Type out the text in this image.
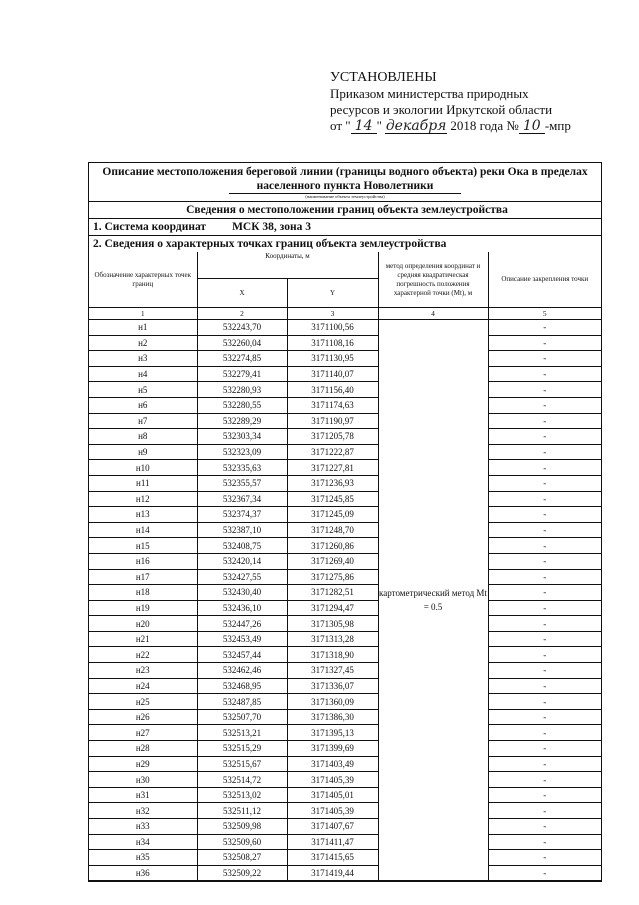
УСТАНОВЛЕНЫ
Приказом министерства природных
ресурсов и экологии Иркутской области
от " 14 " декабря 2018 года № 10 -мпр
Описание местоположения береговой линии (границы водного объекта) реки Ока в пределах населенного пункта Новолетники
(наименование объекта землеустройства)
Сведения о местоположении границ объекта землеустройства
1. Система координат МСК 38, зона 3
2. Сведения о характерных точках границ объекта землеустройства
Обозначение характерных точек границ	Координаты, м		метод определения координат и средняя квадратическая погрешность положения характерной точки (Mt), м	Описание закрепления точки
	X	Y		
1	2	3	4	5
н1	532243,70	3171100,56	картометрический метод Mt = 0.5	-
н2	532260,04	3171108,16		-
н3	532274,85	3171130,95		-
н4	532279,41	3171140,07		-
н5	532280,93	3171156,40		-
н6	532280,55	3171174,63		-
н7	532289,29	3171190,97		-
н8	532303,34	3171205,78		-
н9	532323,09	3171222,87		-
н10	532335,63	3171227,81		-
н11	532355,57	3171236,93		-
н12	532367,34	3171245,85		-
н13	532374,37	3171245,09		-
н14	532387,10	3171248,70		-
н15	532408,75	3171260,86		-
н16	532420,14	3171269,40		-
н17	532427,55	3171275,86		-
н18	532430,40	3171282,51		-
н19	532436,10	3171294,47		-
н20	532447,26	3171305,98		-
н21	532453,49	3171313,28		-
н22	532457,44	3171318,90		-
н23	532462,46	3171327,45		-
н24	532468,95	3171336,07		-
н25	532487,85	3171360,09		-
н26	532507,70	3171386,30		-
н27	532513,21	3171395,13		-
н28	532515,29	3171399,69		-
н29	532515,67	3171403,49		-
н30	532514,72	3171405,39		-
н31	532513,02	3171405,01		-
н32	532511,12	3171405,39		-
н33	532509,98	3171407,67		-
н34	532509,60	3171411,47		-
н35	532508,27	3171415,65		-
н36	532509,22	3171419,44		-
